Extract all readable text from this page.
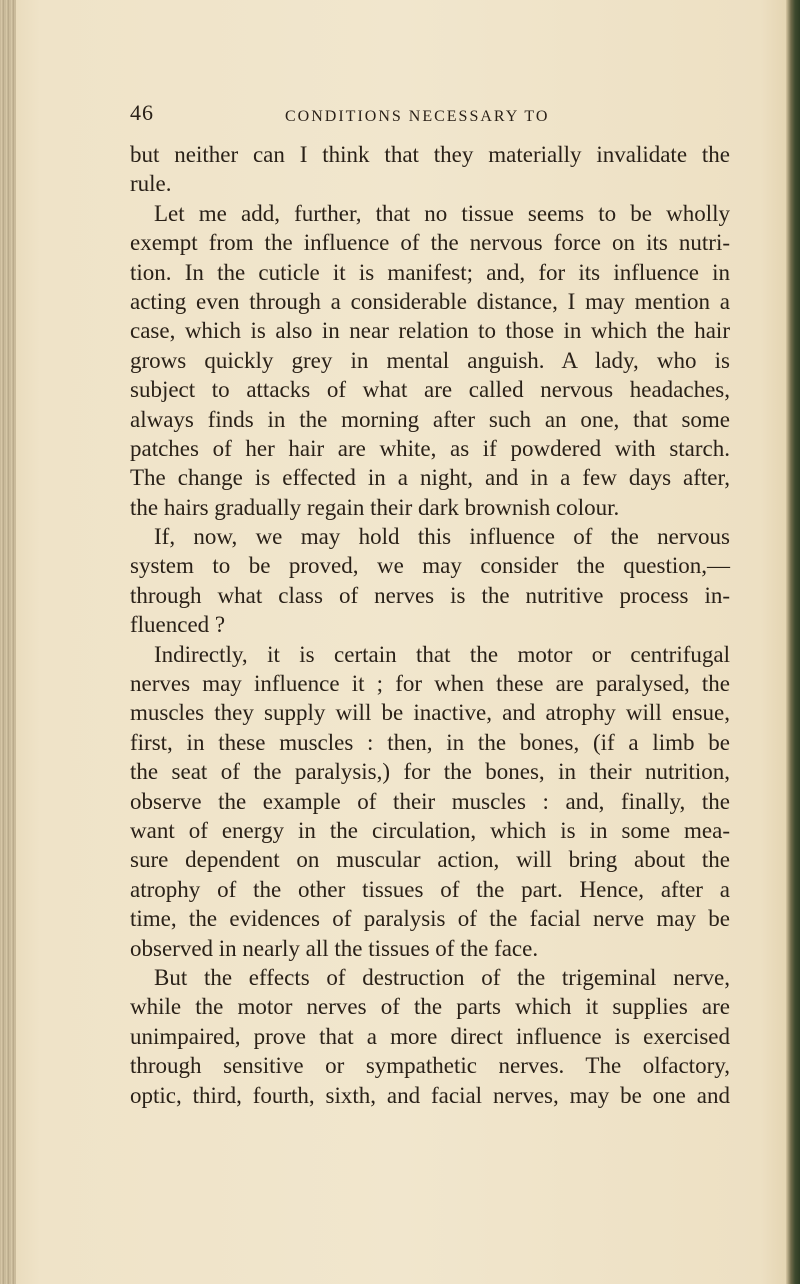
46	CONDITIONS NECESSARY TO
but neither can I think that they materially invalidate the
rule.
Let me add, further, that no tissue seems to be wholly
exempt from the influence of the nervous force on its nutri-
tion. In the cuticle it is manifest; and, for its influence in
acting even through a considerable distance, I may mention a
case, which is also in near relation to those in which the hair
grows quickly grey in mental anguish. A lady, who is
subject to attacks of what are called nervous headaches,
always finds in the morning after such an one, that some
patches of her hair are white, as if powdered with starch.
The change is effected in a night, and in a few days after,
the hairs gradually regain their dark brownish colour.
If, now, we may hold this influence of the nervous
system to be proved, we may consider the question,—
through what class of nerves is the nutritive process in-
fluenced ?
Indirectly, it is certain that the motor or centrifugal
nerves may influence it ; for when these are paralysed, the
muscles they supply will be inactive, and atrophy will ensue,
first, in these muscles : then, in the bones, (if a limb be
the seat of the paralysis,) for the bones, in their nutrition,
observe the example of their muscles : and, finally, the
want of energy in the circulation, which is in some mea-
sure dependent on muscular action, will bring about the
atrophy of the other tissues of the part. Hence, after a
time, the evidences of paralysis of the facial nerve may be
observed in nearly all the tissues of the face.
But the effects of destruction of the trigeminal nerve,
while the motor nerves of the parts which it supplies are
unimpaired, prove that a more direct influence is exercised
through sensitive or sympathetic nerves. The olfactory,
optic, third, fourth, sixth, and facial nerves, may be one and
